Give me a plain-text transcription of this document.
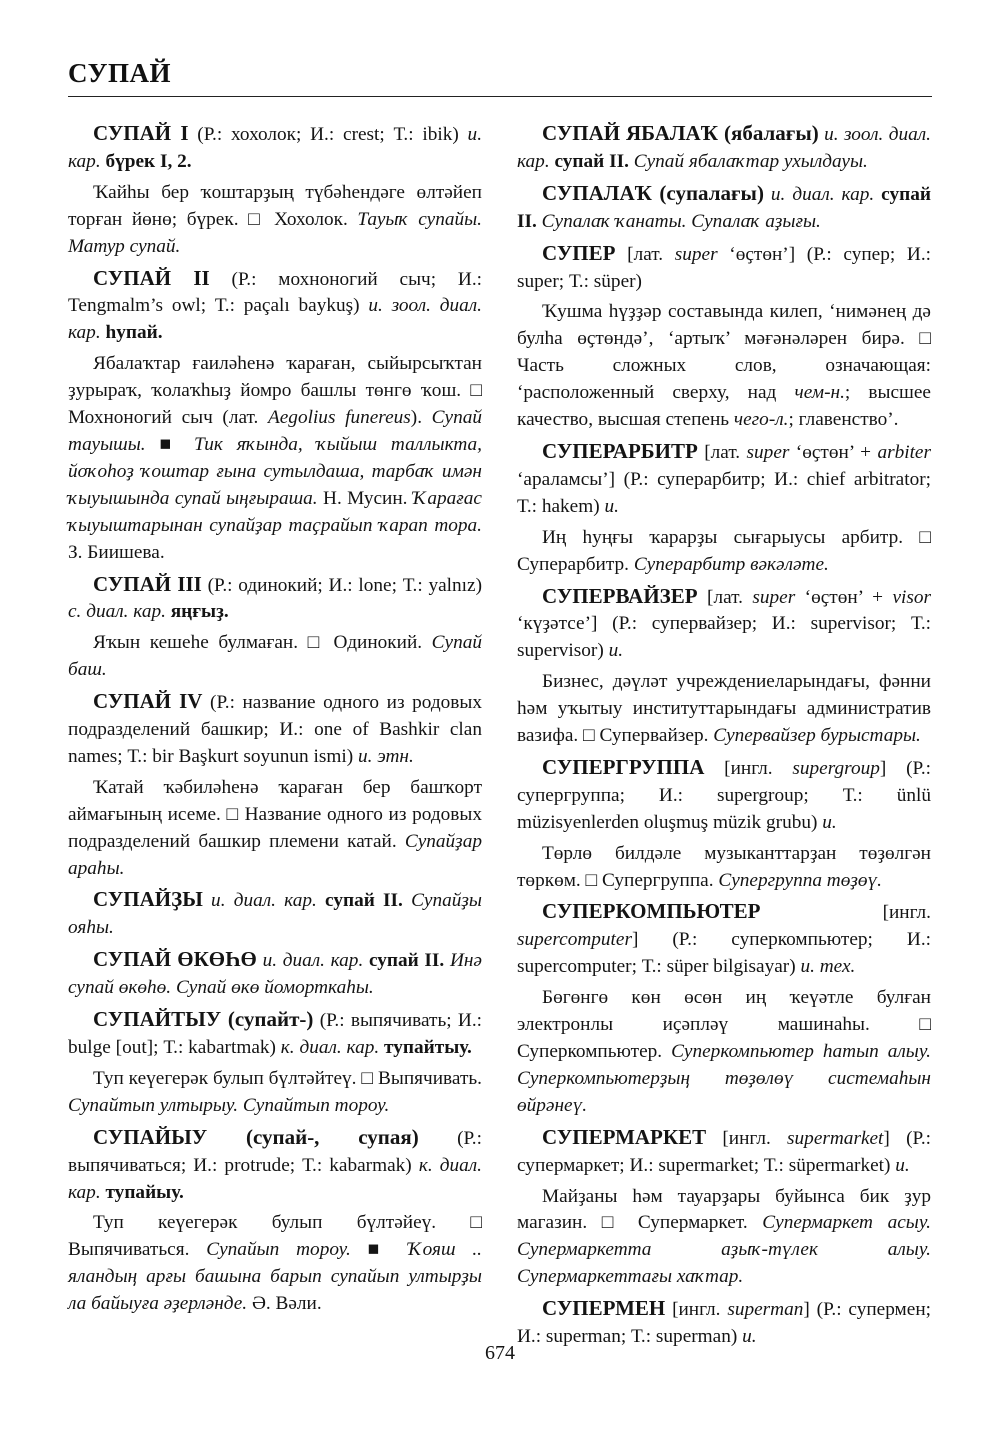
СУПАЙ

СУПАЙ I (Р.: хохолок; И.: crest; Т.: ibik) и. кар. бүрек I, 2.

Ҡайһы бер ҡоштарҙың түбәһендәге өлтәйеп торған йөнө; бүрек. □ Хохолок. Тауыҡ супайы. Матур супай.

СУПАЙ II (Р.: мохноногий сыч; И.: Tengmalm’s owl; Т.: paçalı baykuş) и. зоол. диал. кар. һупай.

Ябалаҡтар ғаиләһенә ҡараған, сыйырсыҡтан ҙурыраҡ, ҡолаҡһыҙ йомро башлы төнгө ҡош. □ Мохноногий сыч (лат. Aegolius funereus). Супай тауышы. ■ Тик яҡында, ҡыйыш таллыкта, йоҡоһоҙ ҡоштар ғына сутылдаша, тарбаҡ имән ҡыуышында супай ыңғыраша. Н. Мусин. Ҡарағас ҡыуыштарынан супайҙар таҫрайып ҡарап тора. З. Биишева.

СУПАЙ III (Р.: одинокий; И.: lone; Т.: yalnız) с. диал. кар. яңғыҙ.

Яҡын кешеһе булмаған. □ Одинокий. Супай баш.

СУПАЙ IV (Р.: название одного из родовых подразделений башкир; И.: one of Bashkir clan names; Т.: bir Başkurt soyunun ismi) и. этн.

Ҡатай ҡәбиләһенә ҡараған бер башҡорт аймағының исеме. □ Название одного из родовых подразделений башкир племени катай. Супайҙар араһы.

СУПАЙҘЫ и. диал. кар. супай II. Супайҙы ояһы.

СУПАЙ ӨКӨҺӨ и. диал. кар. супай II. Инә супай өкөһө. Супай өкө йоморткаһы.

СУПАЙТЫУ (супайт-) (Р.: выпячивать; И.: bulge [out]; Т.: kabartmak) к. диал. кар. тупайтыу.

Туп кеүегерәк булып бүлтәйтеү. □ Выпячивать. Супайтып ултырыу. Супайтып тороу.

СУПАЙЫУ (супай-, супая) (Р.: выпячиваться; И.: protrude; Т.: kabarmak) к. диал. кар. тупайыу.

Туп кеүегерәк булып бүлтәйеү. □ Выпячиваться. Супайып тороу. ■ Ҡояш .. яландың арғы башына барып супайып ултырҙы ла байыуға әҙерләнде. Ә. Вәли.

СУПАЙ ЯБАЛАҠ (ябалағы) и. зоол. диал. кар. супай II. Супай ябалаҡтар ухылдауы.

СУПАЛАҠ (супалағы) и. диал. кар. супай II. Супалаҡ ҡанаты. Супалаҡ аҙығы.

СУПЕР [лат. super ‘өҫтөн’] (Р.: супер; И.: super; Т.: süper)

Ҡушма һүҙҙәр составында килеп, ‘нимәнең дә булһа өҫтөндә’, ‘артыҡ’ мәғәнәләрен бирә. □ Часть сложных слов, означающая: ‘расположенный сверху, над чем-н.; высшее качество, высшая степень чего-л.; главенство’.

СУПЕРАРБИТР [лат. super ‘өҫтөн’ + arbiter ‘араламсы’] (Р.: суперарбитр; И.: chief arbitrator; Т.: hakem) и.

Иң һуңғы ҡарарҙы сығарыусы арбитр. □ Суперарбитр. Суперарбитр вәкәләте.

СУПЕРВАЙЗЕР [лат. super ‘өҫтөн’ + visor ‘күҙәтсе’] (Р.: супервайзер; И.: supervisor; Т.: supervisor) и.

Бизнес, дәүләт учреждениеларындағы, фәнни һәм уҡытыу институттарындағы административ вазифа. □ Супервайзер. Супервайзер бурыстары.

СУПЕРГРУППА [ингл. supergroup] (Р.: супергруппа; И.: supergroup; Т.: ünlü müzisyenlerden oluşmuş müzik grubu) и.

Төрлө билдәле музыканттарҙан төҙөлгән төркөм. □ Супергруппа. Супергруппа төҙөү.

СУПЕРКОМПЬЮТЕР [ингл. supercomputer] (Р.: суперкомпьютер; И.: supercomputer; Т.: süper bilgisayar) и. тех.

Бөгөнгө көн өсөн иң ҡеүәтле булған электронлы иҫәпләү машинаһы. □ Суперкомпьютер. Суперкомпьютер һатып алыу. Суперкомпьютерҙың төҙөлөү системаһын өйрәнеү.

СУПЕРМАРКЕТ [ингл. supermarket] (Р.: супермаркет; И.: supermarket; Т.: süpermarket) и.

Майҙаны һәм тауарҙары буйынса бик ҙур магазин. □ Супермаркет. Супермаркет асыу. Супермаркетта аҙыҡ-түлек алыу. Супермаркеттағы хаҡтар.

СУПЕРМЕН [ингл. superman] (Р.: супермен; И.: superman; Т.: superman) и.

674
